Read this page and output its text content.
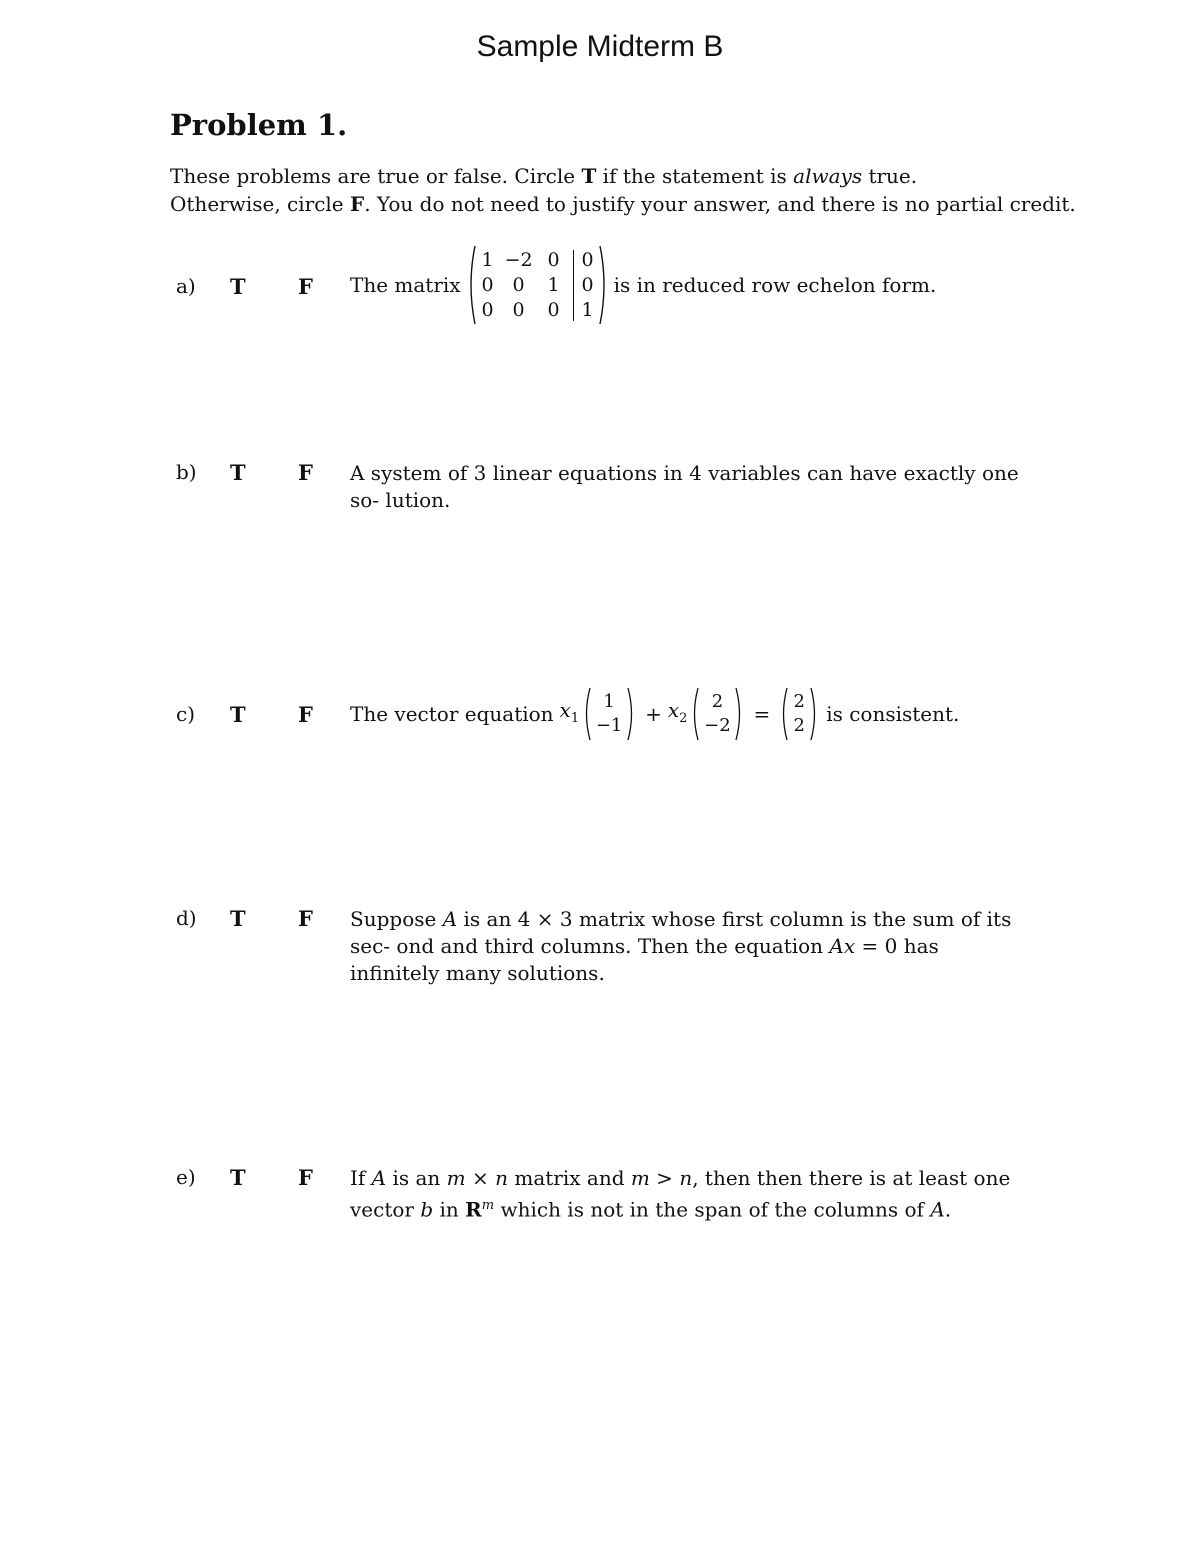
Sample Midterm B
Problem 1.
These problems are true or false. Circle T if the statement is always true.
Otherwise, circle F. You do not need to justify your answer, and there is no partial credit.
a) T F The matrix
1 −2 0
0 0	1
0 0	0
0
0
1
is in reduced row echelon form.
b) T F A system of 3 linear equations in 4 variables can have exactly one so- lution.
c) T F The vector equation $x_1$
1
$-1 + x_2$
2
−2 = 2
2 is consistent.
d) T F Suppose A is an 4 × 3 matrix whose first column is the sum of its sec- ond and third columns. Then the equation Ax = 0 has infinitely many solutions.
e) T F If A is an m × n matrix and m > n, then then there is at least one vector b in $R^m$ which is not in the span of the columns of A.
